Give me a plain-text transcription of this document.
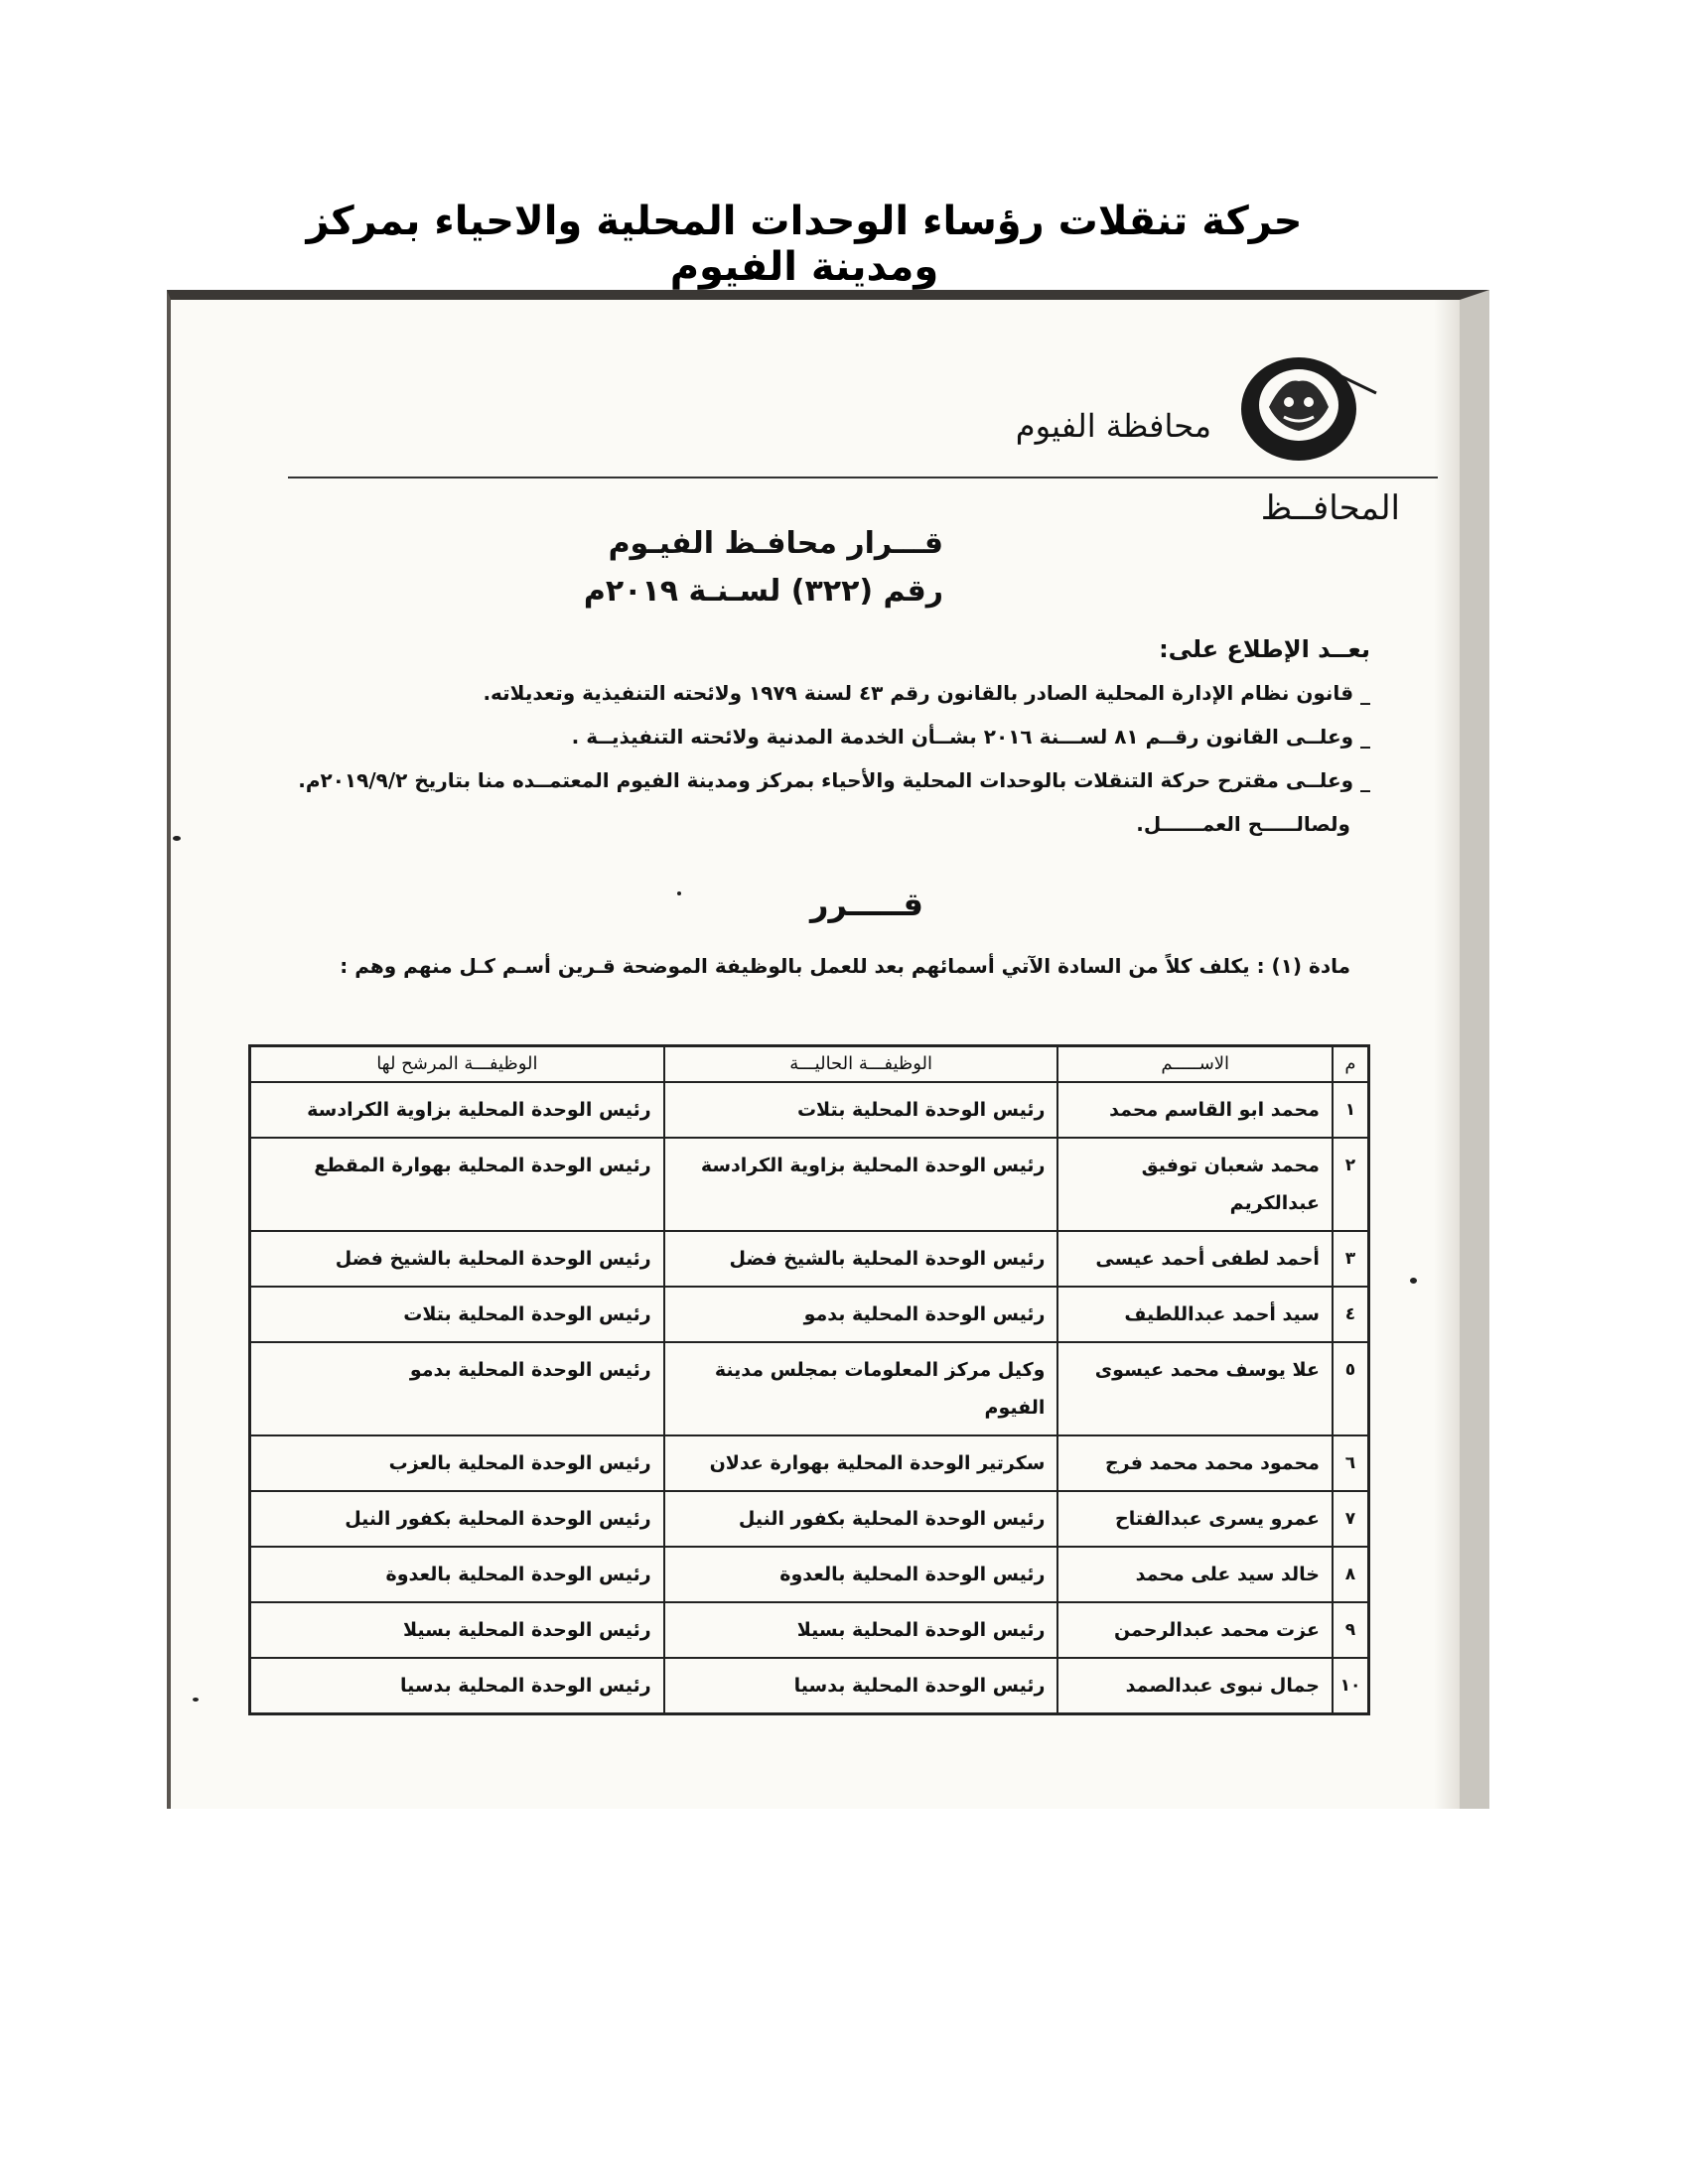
حركة تنقلات رؤساء الوحدات المحلية والاحياء بمركز ومدينة الفيوم
محافظة الفيوم
المحافــظ
قـــرار محافـظ الفيـوم
رقم (٣٢٢) لسـنـة ٢٠١٩م
بعــد الإطلاع على:
_ قانون نظام الإدارة المحلية الصادر بالقانون رقم ٤٣ لسنة ١٩٧٩ ولائحته التنفيذية وتعديلاته.
_ وعلــى القانون رقــم ٨١ لســـنة ٢٠١٦ بشــأن الخدمة المدنية ولائحته التنفيذيــة .
_ وعلــى مقترح حركة التنقلات بالوحدات المحلية والأحياء بمركز ومدينة الفيوم المعتمــده منا بتاريخ ٢٠١٩/٩/٢م.
ولصالـــــح العمــــــل.
قـــــرر
مادة (١) : يكلف كلاً من السادة الآتي أسمائهم بعد للعمل بالوظيفة الموضحة قـرين أسـم كـل منهم وهم :
م	الاســـــم	الوظيفـــة الحاليـــة	الوظيفـــة المرشح لها
١	محمد ابو القاسم محمد	رئيس الوحدة المحلية بتلات	رئيس الوحدة المحلية بزاوية الكرادسة
٢	محمد شعبان توفيق عبدالكريم	رئيس الوحدة المحلية بزاوية الكرادسة	رئيس الوحدة المحلية بهوارة المقطع
٣	أحمد لطفى أحمد عيسى	رئيس الوحدة المحلية بالشيخ فضل	رئيس الوحدة المحلية بالشيخ فضل
٤	سيد أحمد عبداللطيف	رئيس الوحدة المحلية بدمو	رئيس الوحدة المحلية بتلات
٥	علا يوسف محمد عيسوى	وكيل مركز المعلومات بمجلس مدينة الفيوم	رئيس الوحدة المحلية بدمو
٦	محمود محمد محمد فرج	سكرتير الوحدة المحلية بهوارة عدلان	رئيس الوحدة المحلية بالعزب
٧	عمرو يسرى عبدالفتاح	رئيس الوحدة المحلية بكفور النيل	رئيس الوحدة المحلية بكفور النيل
٨	خالد سيد على محمد	رئيس الوحدة المحلية بالعدوة	رئيس الوحدة المحلية بالعدوة
٩	عزت محمد عبدالرحمن	رئيس الوحدة المحلية بسيلا	رئيس الوحدة المحلية بسيلا
١٠	جمال نبوى عبدالصمد	رئيس الوحدة المحلية بدسيا	رئيس الوحدة المحلية بدسيا
